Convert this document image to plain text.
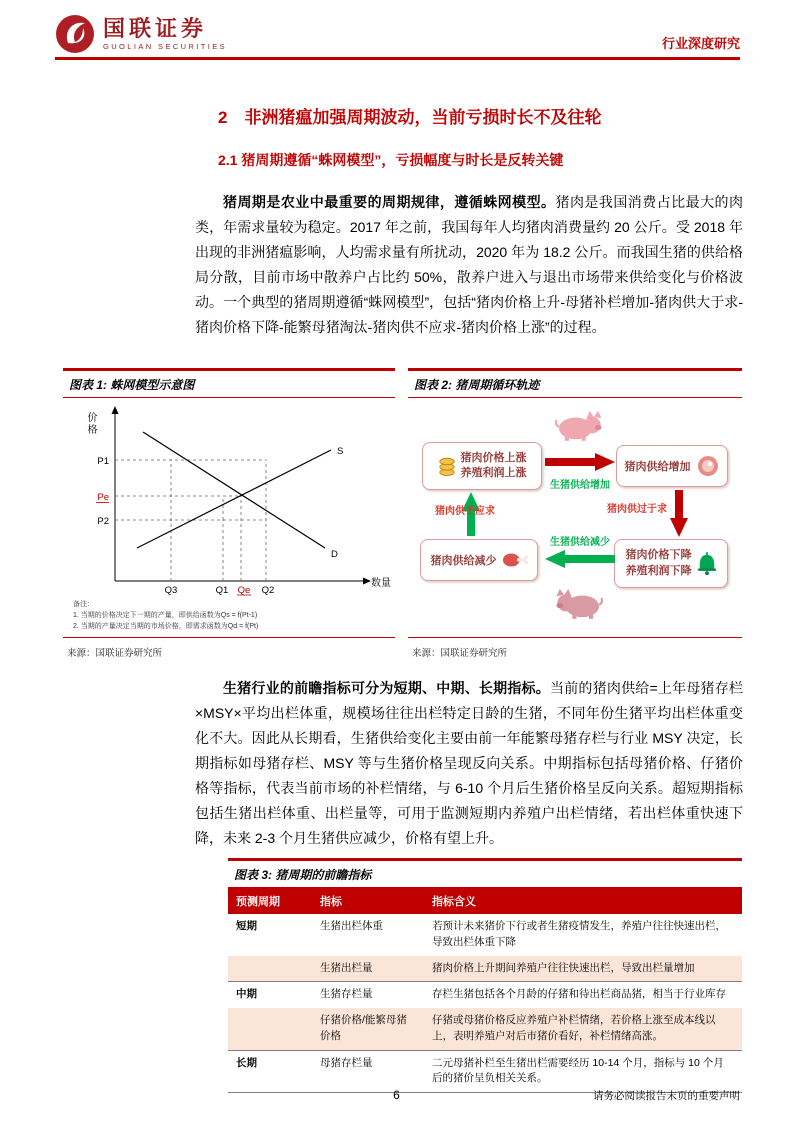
国联证券
GUOLIAN SECURITIES	行业深度研究
2　非洲猪瘟加强周期波动，当前亏损时长不及往轮
2.1 猪周期遵循“蛛网模型”，亏损幅度与时长是反转关键

猪周期是农业中最重要的周期规律，遵循蛛网模型。猪肉是我国消费占比最大的肉类，年需求量较为稳定。2017 年之前，我国每年人均猪肉消费量约 20 公斤。受 2018 年出现的非洲猪瘟影响，人均需求量有所扰动，2020 年为 18.2 公斤。而我国生猪的供给格局分散，目前市场中散养户占比约 50%，散养户进入与退出市场带来供给变化与价格波动。一个典型的猪周期遵循“蛛网模型”，包括“猪肉价格上升-母猪补栏增加-猪肉供大于求-猪肉价格下降-能繁母猪淘汰-猪肉供不应求-猪肉价格上涨”的过程。

图表 1: 蛛网模型示意图
价格
数量
S
D
P1
Pe
P2
Q3	Q1 Qe Q2
备注：
1. 当期的价格决定下一期的产量，即供给函数为Qs = f(Pt-1)
2. 当期的产量决定当期的市场价格，即需求函数为Qd = f(Pt)
来源：国联证券研究所
图表 2: 猪周期循环轨迹
猪肉价格上涨
养殖利润上涨
生猪供给增加
猪肉供给增加
猪肉供过于求
猪肉价格下降
养殖利润下降
生猪供给减少
猪肉供给减少
猪肉供不应求
来源：国联证券研究所

生猪行业的前瞻指标可分为短期、中期、长期指标。当前的猪肉供给=上年母猪存栏×MSY×平均出栏体重，规模场往往出栏特定日龄的生猪，不同年份生猪平均出栏体重变化不大。因此从长期看，生猪供给变化主要由前一年能繁母猪存栏与行业 MSY 决定，长期指标如母猪存栏、MSY 等与生猪价格呈现反向关系。中期指标包括母猪价格、仔猪价格等指标，代表当前市场的补栏情绪，与 6-10 个月后生猪价格呈反向关系。超短期指标包括生猪出栏体重、出栏量等，可用于监测短期内养殖户出栏情绪，若出栏体重快速下降，未来 2-3 个月生猪供应减少，价格有望上升。

图表 3: 猪周期的前瞻指标
预测周期	指标	指标含义
短期	生猪出栏体重	若预计未来猪价下行或者生猪疫情发生，养殖户往往快速出栏，导致出栏体重下降
	生猪出栏量	猪肉价格上升期间养殖户往往快速出栏，导致出栏量增加
中期	生猪存栏量	存栏生猪包括各个月龄的仔猪和待出栏商品猪，相当于行业库存
	仔猪价格/能繁母猪价格	仔猪或母猪价格反应养殖户补栏情绪，若价格上涨至成本线以上，表明养殖户对后市猪价看好，补栏情绪高涨。
长期	母猪存栏量	二元母猪补栏至生猪出栏需要经历 10-14 个月，指标与 10 个月后的猪价呈负相关关系。
6	请务必阅读报告末页的重要声明
